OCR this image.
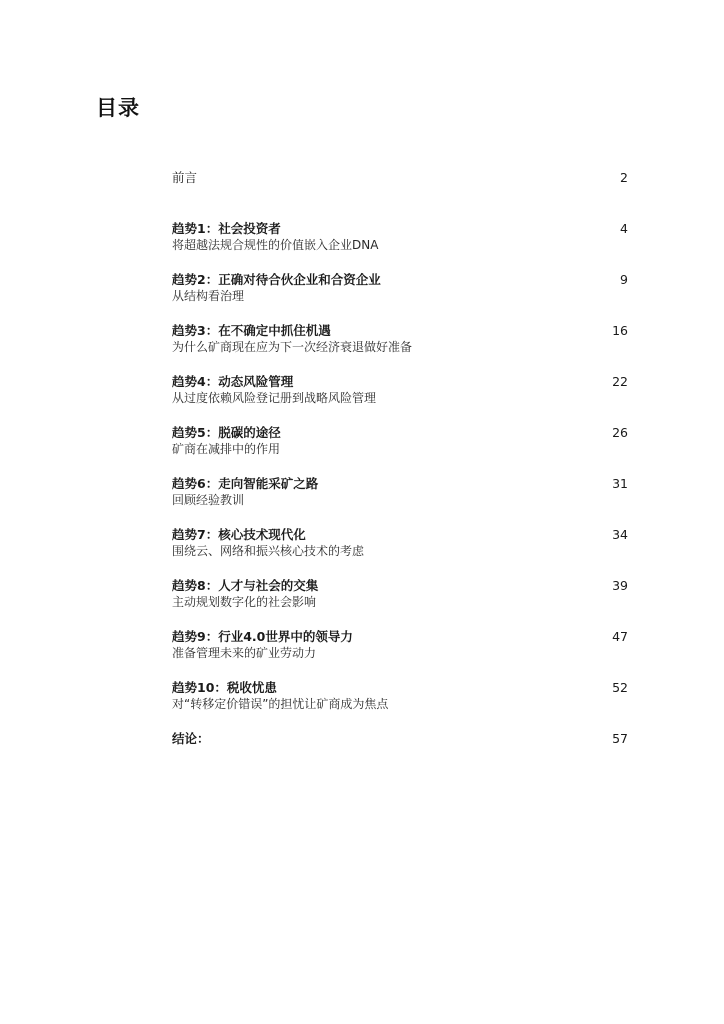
目录
前言	2
趋势1：社会投资者
将超越法规合规性的价值嵌入企业DNA
4
趋势2：正确对待合伙企业和合资企业
从结构看治理
9
趋势3：在不确定中抓住机遇
为什么矿商现在应为下一次经济衰退做好准备
16
趋势4：动态风险管理
从过度依赖风险登记册到战略风险管理
22
趋势5：脱碳的途径
矿商在减排中的作用
26
趋势6：走向智能采矿之路
回顾经验教训
31
趋势7：核心技术现代化
围绕云、网络和振兴核心技术的考虑
34
趋势8：人才与社会的交集
主动规划数字化的社会影响
39
趋势9：行业4.0世界中的领导力
准备管理未来的矿业劳动力
47
趋势10：税收忧患
对“转移定价错误”的担忧让矿商成为焦点
52
结论：	57
